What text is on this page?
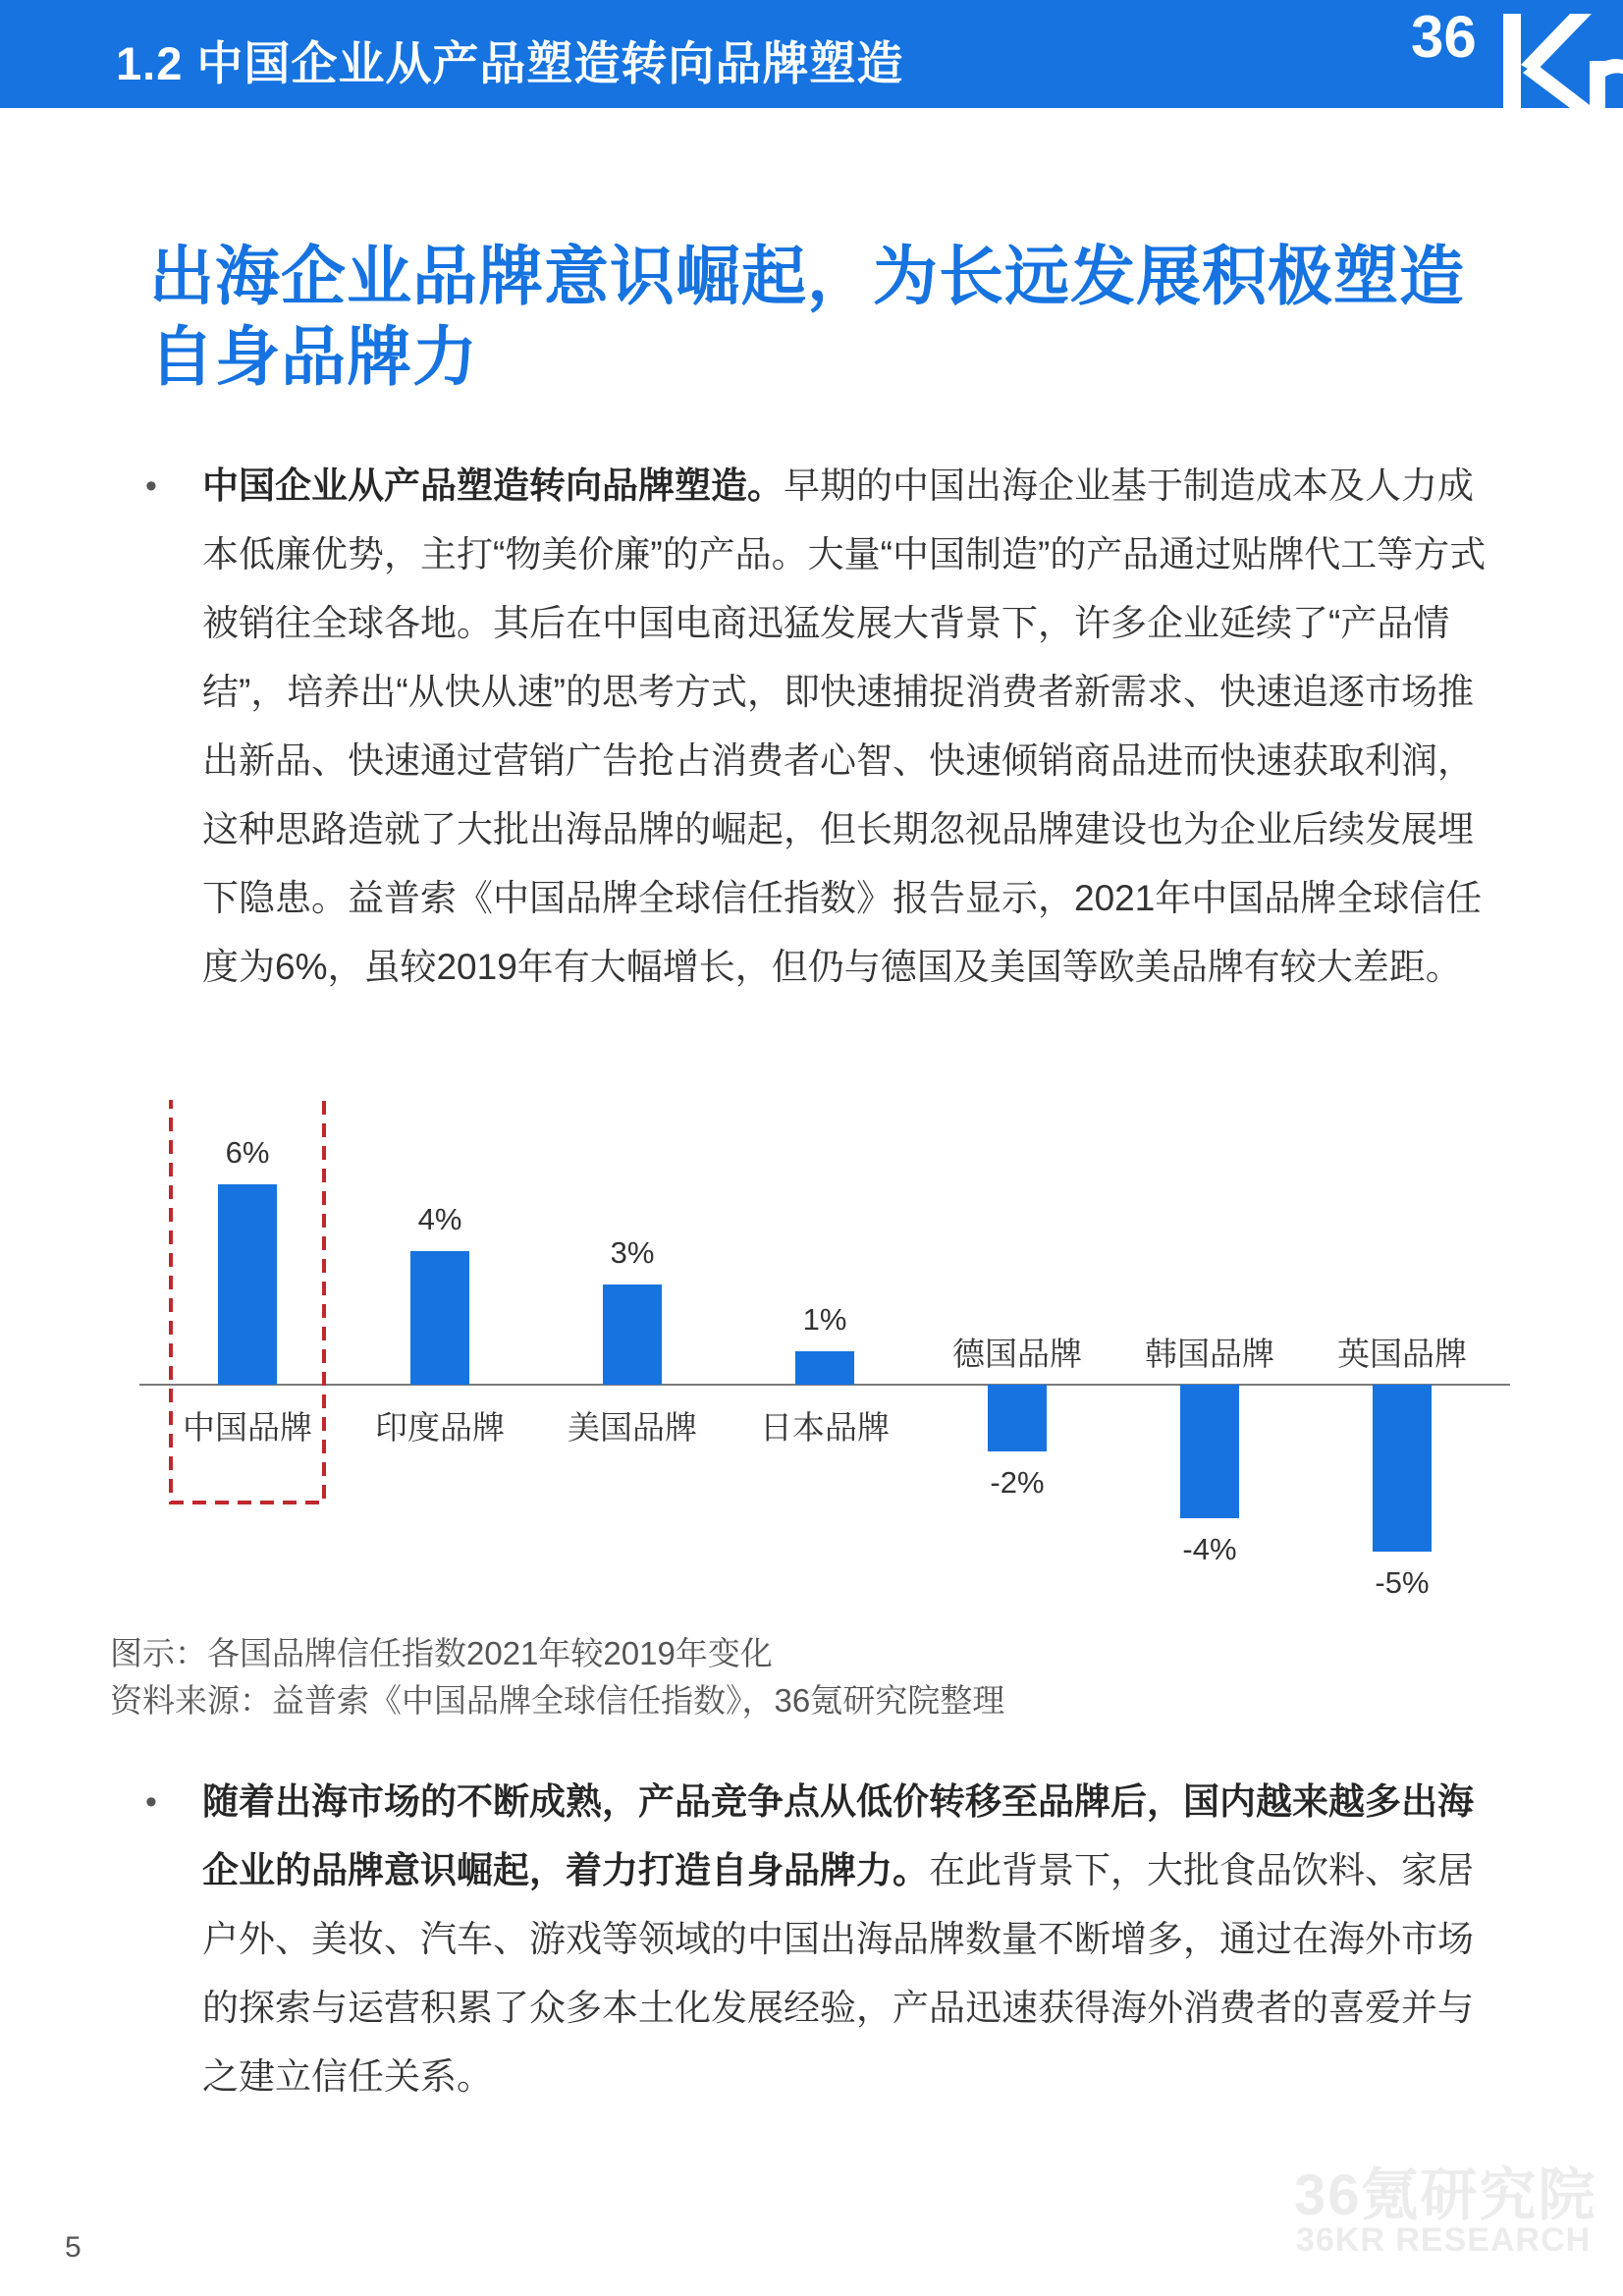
1.2 中国企业从产品塑造转向品牌塑造	36
出海企业品牌意识崛起，为长远发展积极塑造自身品牌力

• 中国企业从产品塑造转向品牌塑造。早期的中国出海企业基于制造成本及人力成本低廉优势，主打“物美价廉”的产品。大量“中国制造”的产品通过贴牌代工等方式被销往全球各地。其后在中国电商迅猛发展大背景下，许多企业延续了“产品情结”，培养出“从快从速”的思考方式，即快速捕捉消费者新需求、快速追逐市场推出新品、快速通过营销广告抢占消费者心智、快速倾销商品进而快速获取利润，这种思路造就了大批出海品牌的崛起，但长期忽视品牌建设也为企业后续发展埋下隐患。益普索《中国品牌全球信任指数》报告显示，2021年中国品牌全球信任度为6%，虽较2019年有大幅增长，但仍与德国及美国等欧美品牌有较大差距。

6%
中国品牌
4%
印度品牌
3%
美国品牌
1%
日本品牌
-2%
德国品牌
-4%
韩国品牌
-5%
英国品牌
图示：各国品牌信任指数2021年较2019年变化
资料来源：益普索《中国品牌全球信任指数》，36氪研究院整理

• 随着出海市场的不断成熟，产品竞争点从低价转移至品牌后，国内越来越多出海企业的品牌意识崛起，着力打造自身品牌力。在此背景下，大批食品饮料、家居户外、美妆、汽车、游戏等领域的中国出海品牌数量不断增多，通过在海外市场的探索与运营积累了众多本土化发展经验，产品迅速获得海外消费者的喜爱并与之建立信任关系。

36氪研究院
36KR RESEARCH
5
